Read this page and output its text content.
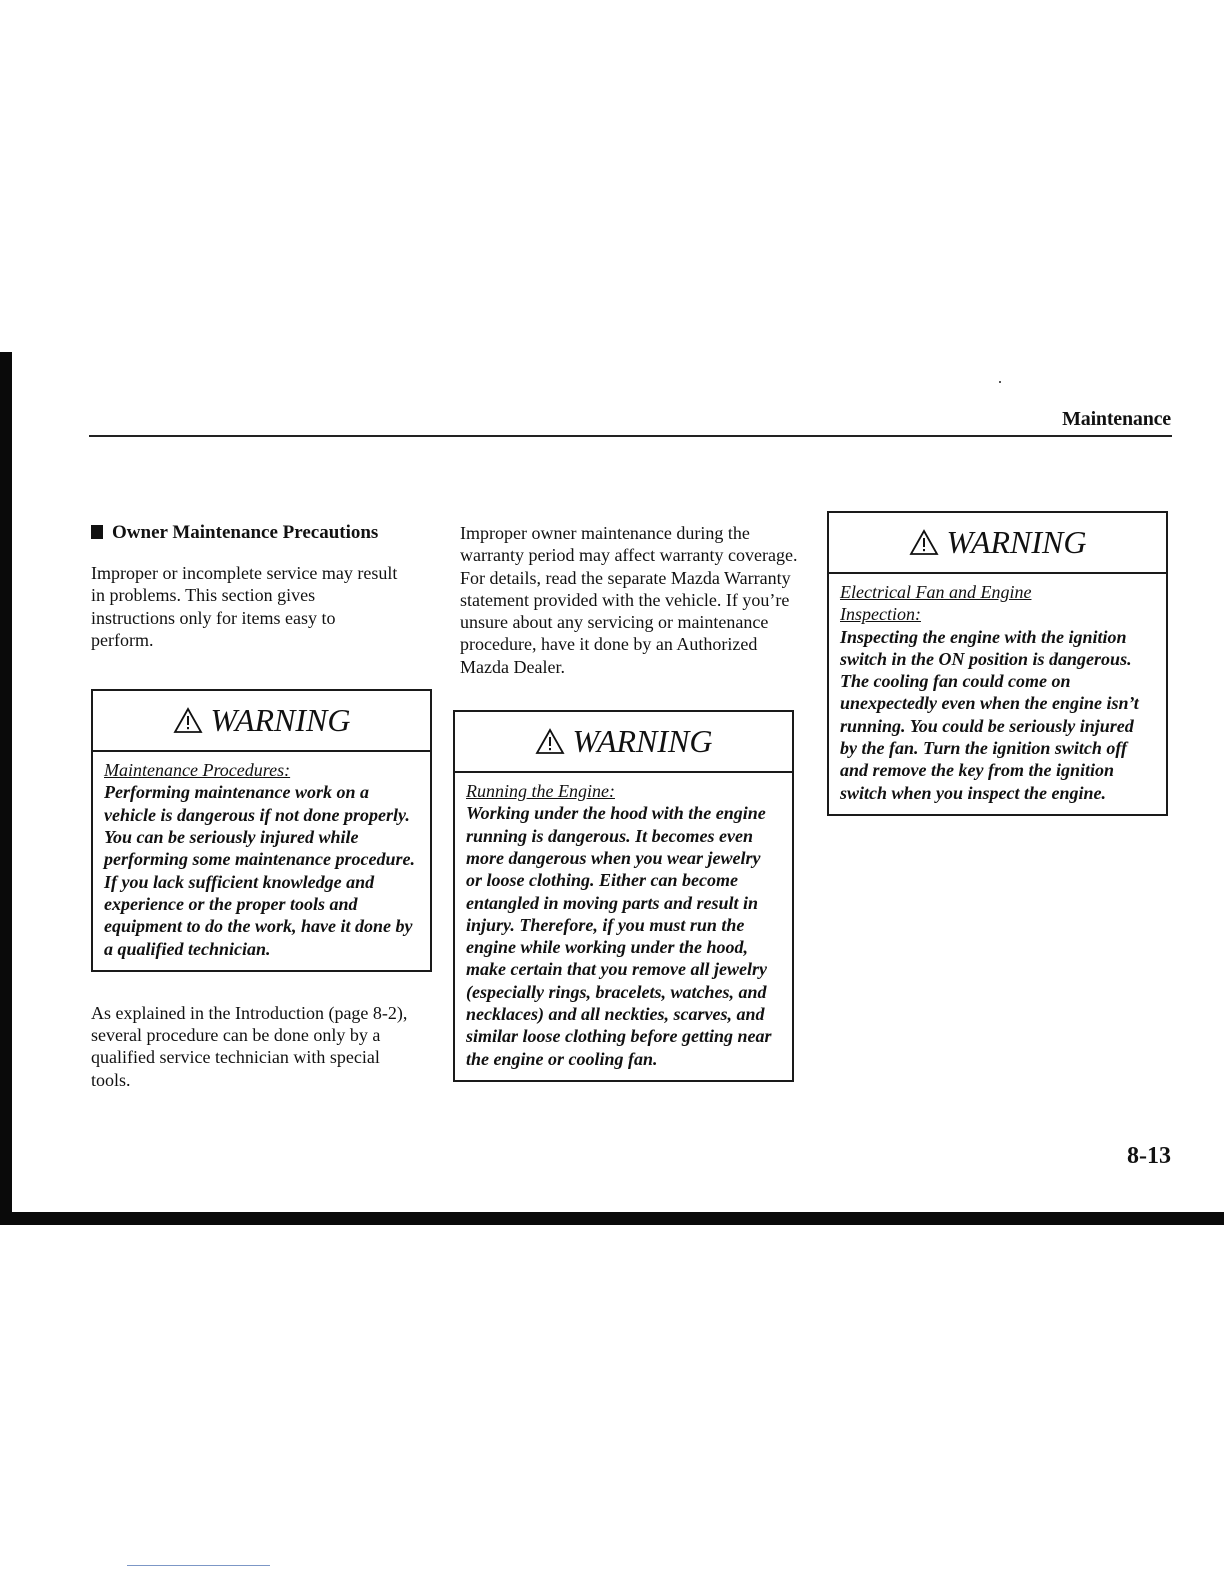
Maintenance

Owner Maintenance Precautions

Improper or incomplete service may result in problems. This section gives instructions only for items easy to perform.

WARNING

Maintenance Procedures:

Performing maintenance work on a vehicle is dangerous if not done properly. You can be seriously injured while performing some maintenance procedure. If you lack sufficient knowledge and experience or the proper tools and equipment to do the work, have it done by a qualified technician.

As explained in the Introduction (page 8-2), several procedure can be done only by a qualified service technician with special tools.

Improper owner maintenance during the warranty period may affect warranty coverage. For details, read the separate Mazda Warranty statement provided with the vehicle. If you’re unsure about any servicing or maintenance procedure, have it done by an Authorized Mazda Dealer.

WARNING

Running the Engine:

Working under the hood with the engine running is dangerous. It becomes even more dangerous when you wear jewelry or loose clothing. Either can become entangled in moving parts and result in injury. Therefore, if you must run the engine while working under the hood, make certain that you remove all jewelry (especially rings, bracelets, watches, and necklaces) and all neckties, scarves, and similar loose clothing before getting near the engine or cooling fan.

WARNING

Electrical Fan and Engine Inspection:

Inspecting the engine with the ignition switch in the ON position is dangerous. The cooling fan could come on unexpectedly even when the engine isn’t running. You could be seriously injured by the fan. Turn the ignition switch off and remove the key from the ignition switch when you inspect the engine.

8-13
